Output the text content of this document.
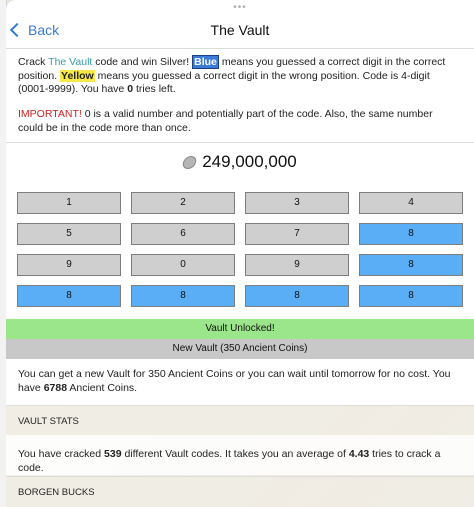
•••
Back	The Vault
Crack The Vault code and win Silver! Blue means you guessed a correct digit in the correct position. Yellow means you guessed a correct digit in the wrong position. Code is 4-digit (0001-9999). You have 0 tries left.
IMPORTANT! 0 is a valid number and potentially part of the code. Also, the same number could be in the code more than once.
249,000,000
1	2	3	4
5	6	7	8
9	0	9	8
8	8	8	8
Vault Unlocked!
New Vault (350 Ancient Coins)
You can get a new Vault for 350 Ancient Coins or you can wait until tomorrow for no cost. You have 6788 Ancient Coins.
VAULT STATS
You have cracked 539 different Vault codes. It takes you an average of 4.43 tries to crack a code.
BORGEN BUCKS
